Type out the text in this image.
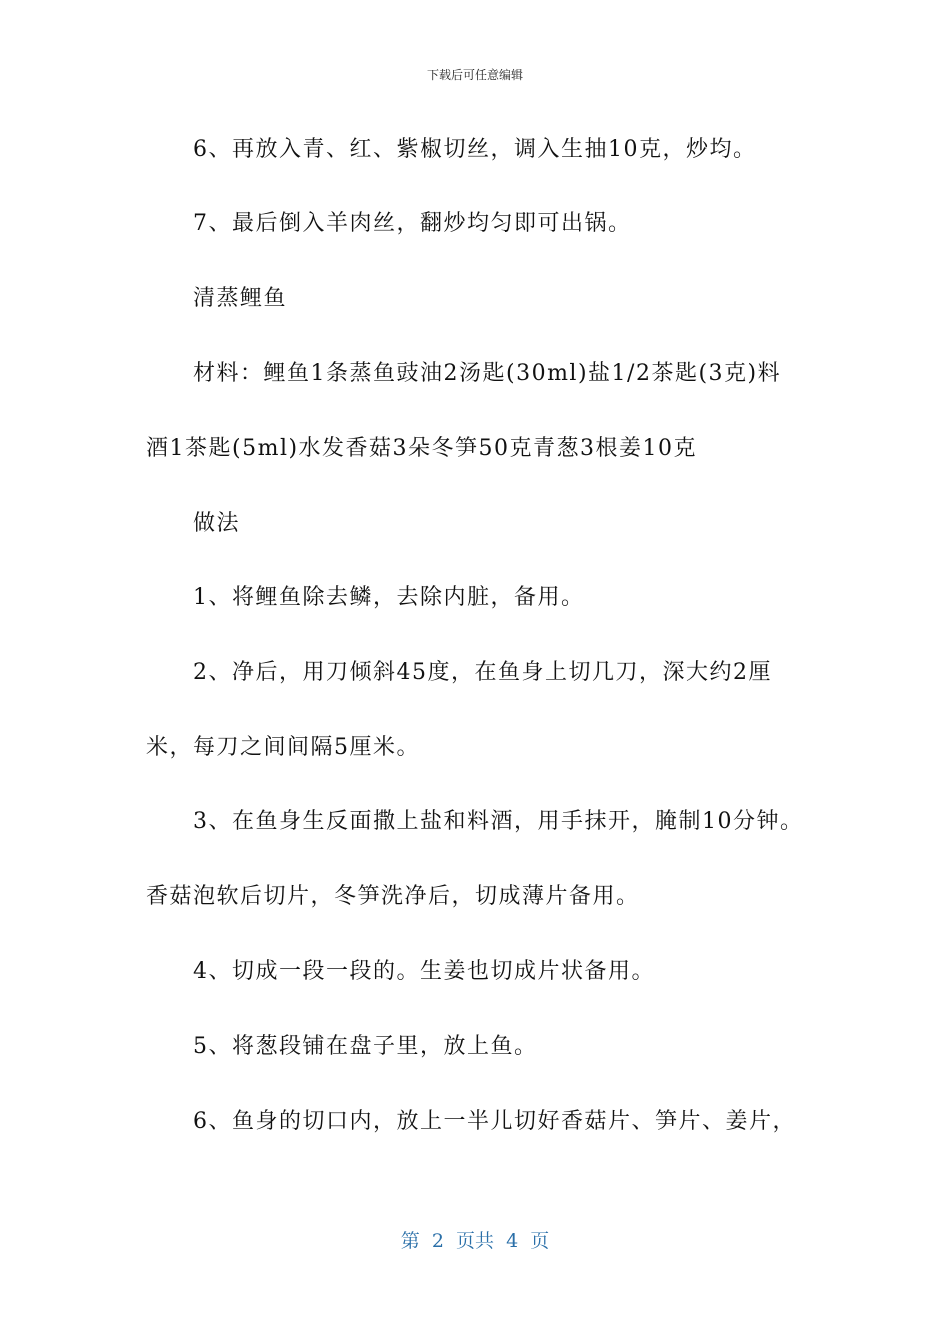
下载后可任意编辑
6、再放入青、红、紫椒切丝，调入生抽10克，炒均。
7、最后倒入羊肉丝，翻炒均匀即可出锅。
清蒸鲤鱼
材料：鲤鱼1条蒸鱼豉油2汤匙(30ml)盐1/2茶匙(3克)料
酒1茶匙(5ml)水发香菇3朵冬笋50克青葱3根姜10克
做法
1、将鲤鱼除去鳞，去除内脏，备用。
2、净后，用刀倾斜45度，在鱼身上切几刀，深大约2厘
米，每刀之间间隔5厘米。
3、在鱼身生反面撒上盐和料酒，用手抹开，腌制10分钟。
香菇泡软后切片，冬笋洗净后，切成薄片备用。
4、切成一段一段的。生姜也切成片状备用。
5、将葱段铺在盘子里，放上鱼。
6、鱼身的切口内，放上一半儿切好香菇片、笋片、姜片，
第  2  页共  4  页
